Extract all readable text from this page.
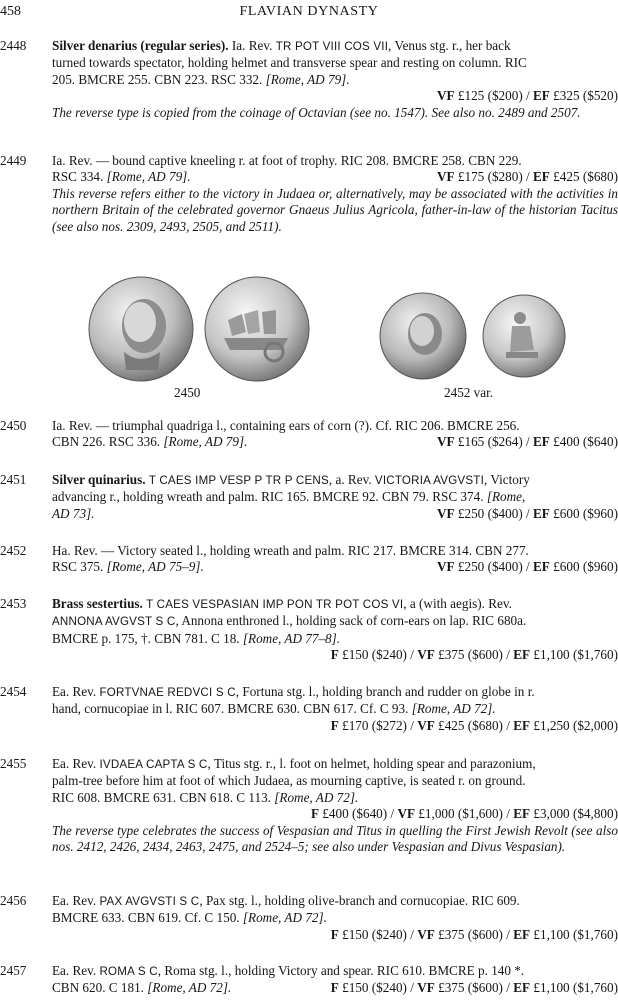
458	FLAVIAN DYNASTY
2448	Silver denarius (regular series). Ia. Rev. TR POT VIII COS VII, Venus stg. r., her back

turned towards spectator, holding helmet and transverse spear and resting on column. RIC

205. BMCRE 255. CBN 223. RSC 332. [Rome, AD 79].

VF £125 ($200) / EF £325 ($520)

The reverse type is copied from the coinage of Octavian (see no. 1547). See also no. 2489 and 2507.

2449	Ia. Rev. — bound captive kneeling r. at foot of trophy. RIC 208. BMCRE 258. CBN 229.

RSC 334. [Rome, AD 79].	VF £175 ($280) / EF £425 ($680)

This reverse refers either to the victory in Judaea or, alternatively, may be associated with the activities in northern Britain of the celebrated governor Gnaeus Julius Agricola, father-in-law of the historian Tacitus (see also nos. 2309, 2493, 2505, and 2511).

2450	2452 var.
2450	Ia. Rev. — triumphal quadriga l., containing ears of corn (?). Cf. RIC 206. BMCRE 256.

CBN 226. RSC 336. [Rome, AD 79].	VF £165 ($264) / EF £400 ($640)

2451	Silver quinarius. T CAES IMP VESP P TR P CENS, a. Rev. VICTORIA AVGVSTI, Victory

advancing r., holding wreath and palm. RIC 165. BMCRE 92. CBN 79. RSC 374. [Rome,

AD 73].	VF £250 ($400) / EF £600 ($960)

2452	Ha. Rev. — Victory seated l., holding wreath and palm. RIC 217. BMCRE 314. CBN 277.

RSC 375. [Rome, AD 75–9].	VF £250 ($400) / EF £600 ($960)

2453	Brass sestertius. T CAES VESPASIAN IMP PON TR POT COS VI, a (with aegis). Rev.

ANNONA AVGVST S C, Annona enthroned l., holding sack of corn-ears on lap. RIC 680a.

BMCRE p. 175, †. CBN 781. C 18. [Rome, AD 77–8].

F £150 ($240) / VF £375 ($600) / EF £1,100 ($1,760)

2454	Ea. Rev. FORTVNAE REDVCI S C, Fortuna stg. l., holding branch and rudder on globe in r.

hand, cornucopiae in l. RIC 607. BMCRE 630. CBN 617. Cf. C 93. [Rome, AD 72].

F £170 ($272) / VF £425 ($680) / EF £1,250 ($2,000)

2455	Ea. Rev. IVDAEA CAPTA S C, Titus stg. r., l. foot on helmet, holding spear and parazonium,

palm-tree before him at foot of which Judaea, as mourning captive, is seated r. on ground.

RIC 608. BMCRE 631. CBN 618. C 113. [Rome, AD 72].

F £400 ($640) / VF £1,000 ($1,600) / EF £3,000 ($4,800)

The reverse type celebrates the success of Vespasian and Titus in quelling the First Jewish Revolt (see also nos. 2412, 2426, 2434, 2463, 2475, and 2524–5; see also under Vespasian and Divus Vespasian).

2456	Ea. Rev. PAX AVGVSTI S C, Pax stg. l., holding olive-branch and cornucopiae. RIC 609.

BMCRE 633. CBN 619. Cf. C 150. [Rome, AD 72].

F £150 ($240) / VF £375 ($600) / EF £1,100 ($1,760)

2457	Ea. Rev. ROMA S C, Roma stg. l., holding Victory and spear. RIC 610. BMCRE p. 140 *.

CBN 620. C 181. [Rome, AD 72].	F £150 ($240) / VF £375 ($600) / EF £1,100 ($1,760)
